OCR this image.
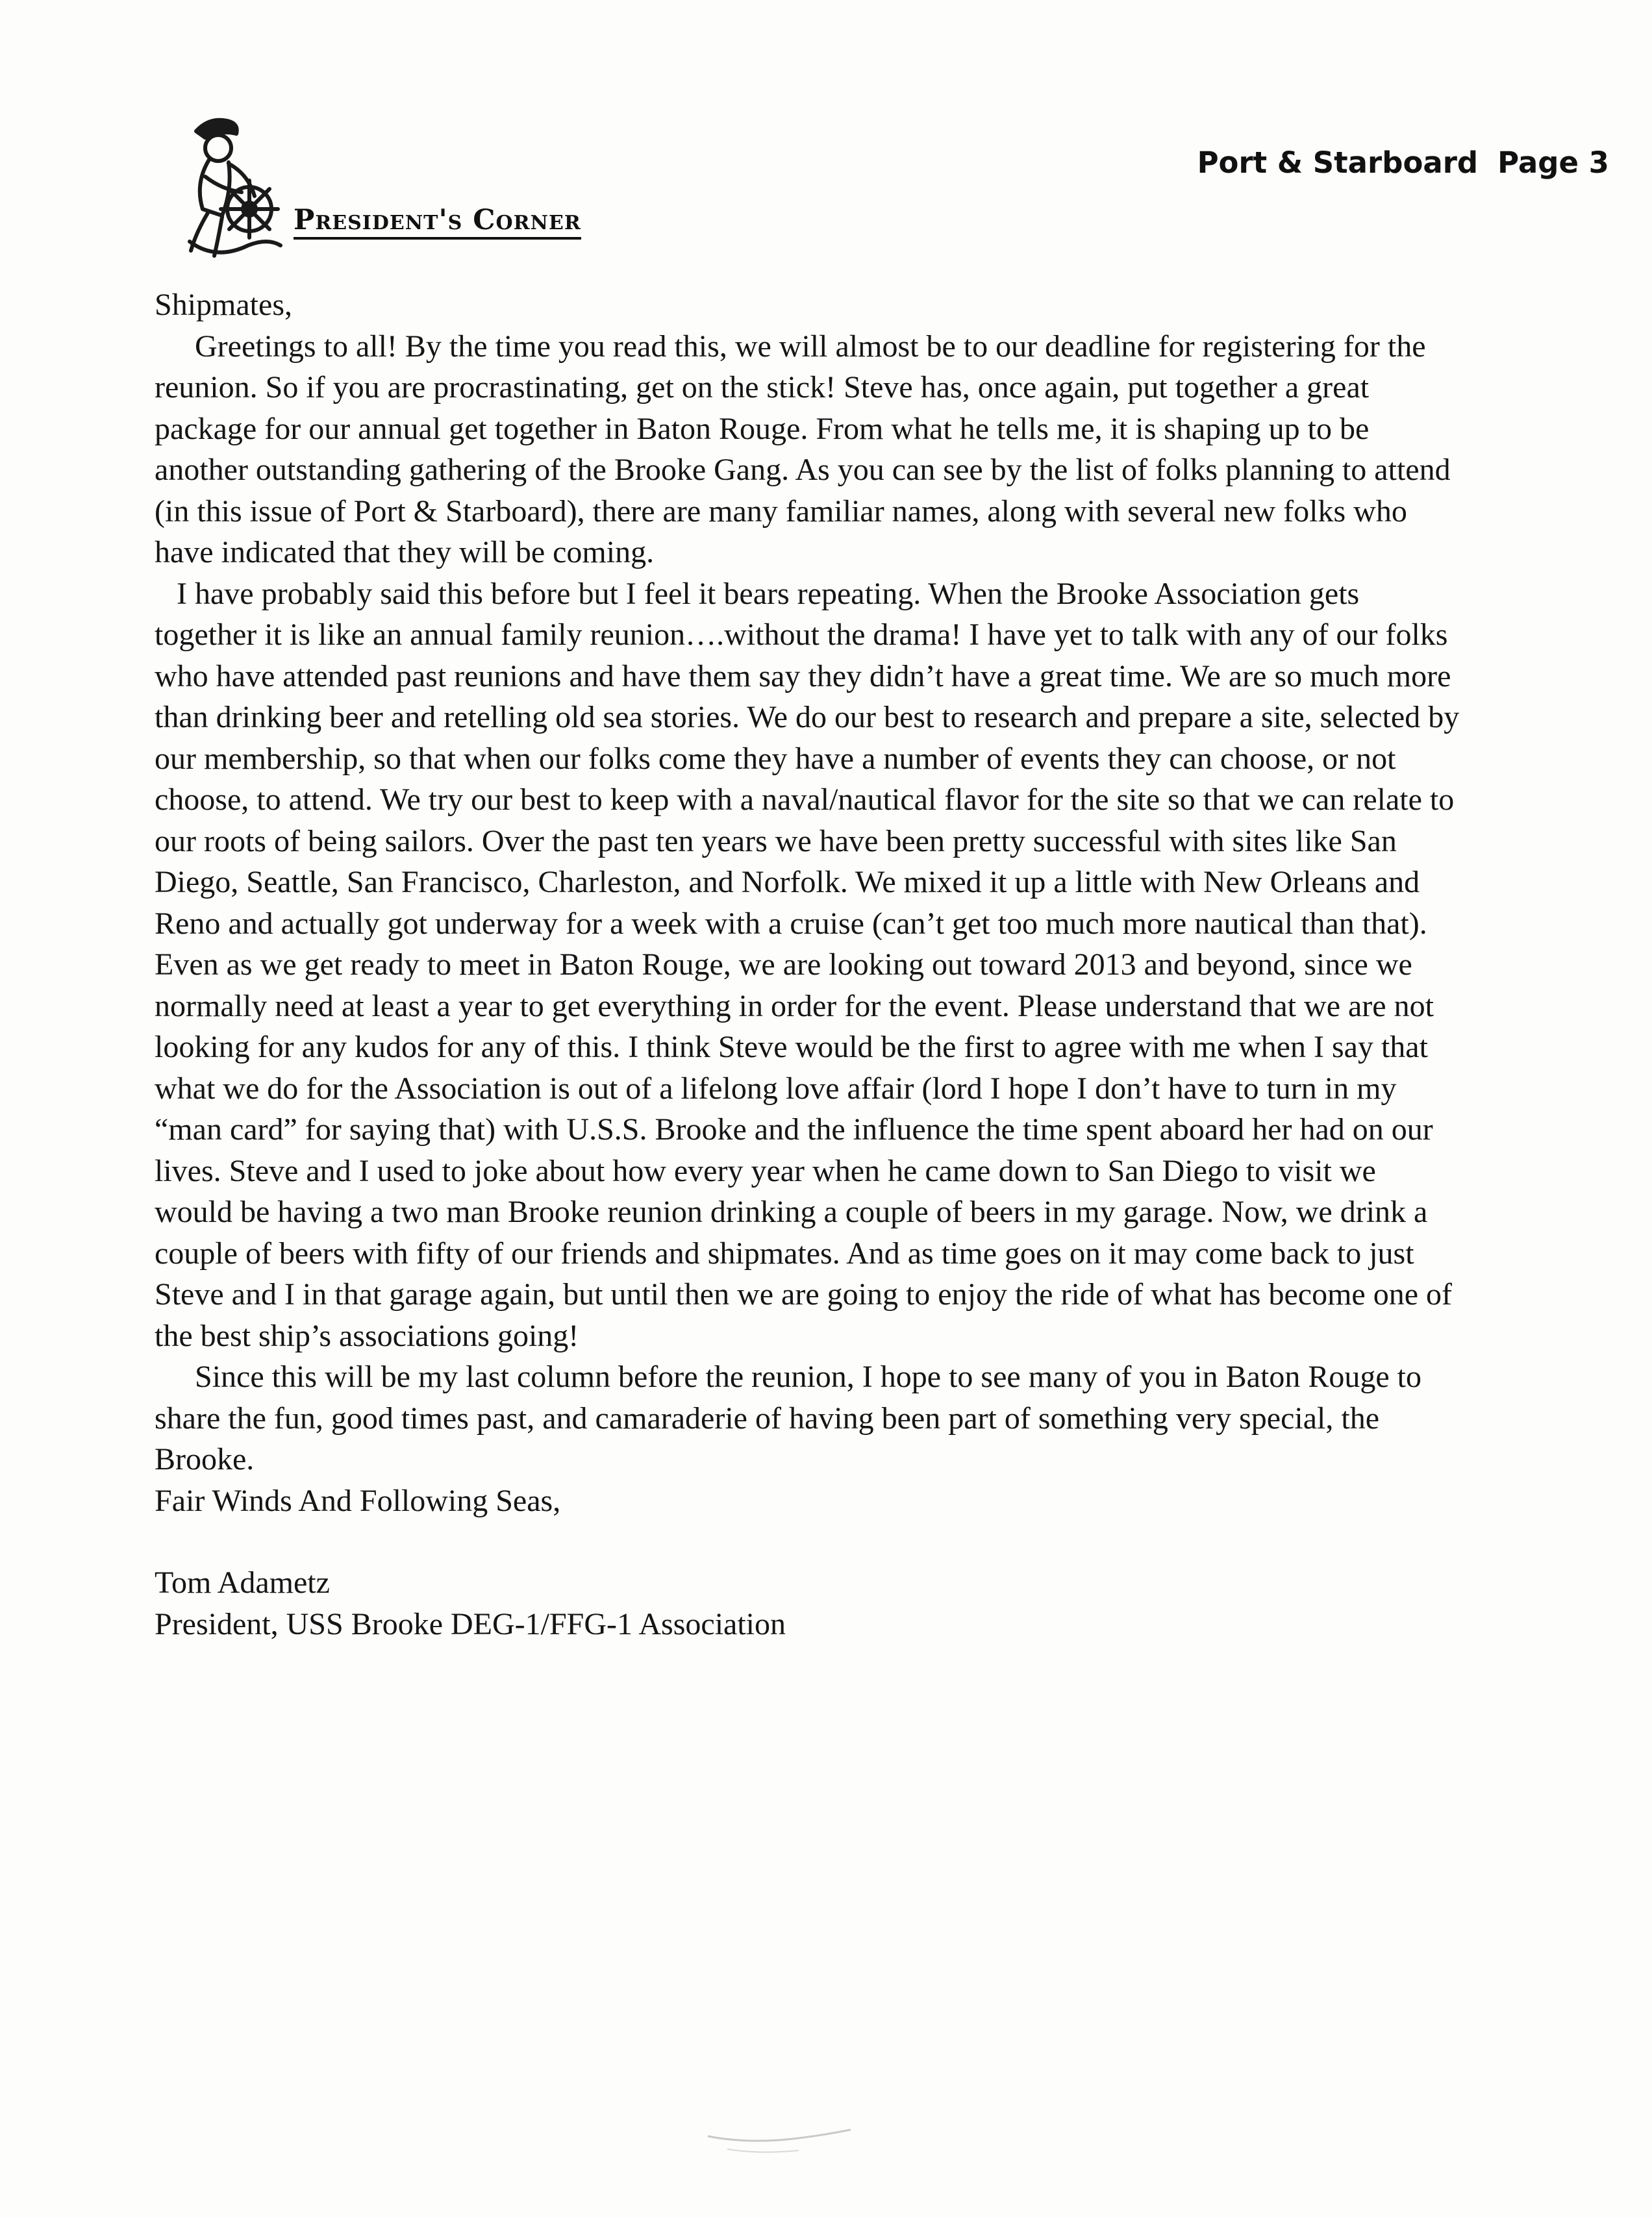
President's Corner
Port & Starboard Page 3

Shipmates,

Greetings to all! By the time you read this, we will almost be to our deadline for registering for the reunion. So if you are procrastinating, get on the stick! Steve has, once again, put together a great package for our annual get together in Baton Rouge. From what he tells me, it is shaping up to be another outstanding gathering of the Brooke Gang. As you can see by the list of folks planning to attend (in this issue of Port & Starboard), there are many familiar names, along with several new folks who have indicated that they will be coming.

I have probably said this before but I feel it bears repeating. When the Brooke Association gets together it is like an annual family reunion….without the drama! I have yet to talk with any of our folks who have attended past reunions and have them say they didn’t have a great time. We are so much more than drinking beer and retelling old sea stories. We do our best to research and prepare a site, selected by our membership, so that when our folks come they have a number of events they can choose, or not choose, to attend. We try our best to keep with a naval/nautical flavor for the site so that we can relate to our roots of being sailors. Over the past ten years we have been pretty successful with sites like San Diego, Seattle, San Francisco, Charleston, and Norfolk. We mixed it up a little with New Orleans and Reno and actually got underway for a week with a cruise (can’t get too much more nautical than that). Even as we get ready to meet in Baton Rouge, we are looking out toward 2013 and beyond, since we normally need at least a year to get everything in order for the event. Please understand that we are not looking for any kudos for any of this. I think Steve would be the first to agree with me when I say that what we do for the Association is out of a lifelong love affair (lord I hope I don’t have to turn in my “man card” for saying that) with U.S.S. Brooke and the influence the time spent aboard her had on our lives. Steve and I used to joke about how every year when he came down to San Diego to visit we would be having a two man Brooke reunion drinking a couple of beers in my garage. Now, we drink a couple of beers with fifty of our friends and shipmates. And as time goes on it may come back to just Steve and I in that garage again, but until then we are going to enjoy the ride of what has become one of the best ship’s associations going!

Since this will be my last column before the reunion, I hope to see many of you in Baton Rouge to share the fun, good times past, and camaraderie of having been part of something very special, the Brooke.

Fair Winds And Following Seas,

Tom Adametz

President, USS Brooke DEG-1/FFG-1 Association
